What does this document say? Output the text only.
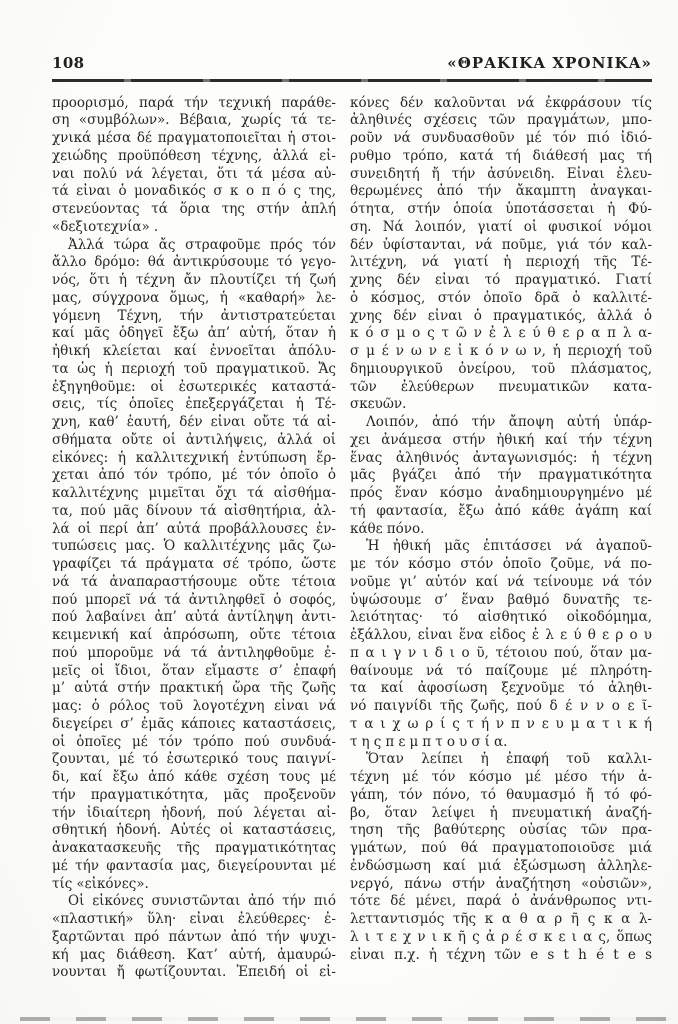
108	«ΘΡΑΚΙΚΑ ΧΡΟΝΙΚΑ»
προορισμό, παρά τήν τεχνική παράθε-
ση «συμβόλων». Βέβαια, χωρίς τά τε-
χνικά μέσα δέ πραγματοποιεῖται ἡ στοι-
χειώδης προϋπόθεση τέχνης, ἀλλά εἶ-
ναι πολύ νά λέγεται, ὅτι τά μέσα αὐ-
τά εἶναι ὁ μοναδικός σ κ ο π ό ς της,
στενεύοντας τά ὅρια της στήν ἁπλή
«δεξιοτεχνία» .
Ἀλλά τώρα ἄς στραφοῦμε πρός τόν
ἄλλο δρόμο: θά ἀντικρύσουμε τό γεγο-
νός, ὅτι ἡ τέχνη ἄν πλουτίζει τή ζωή
μας, σύγχρονα ὅμως, ἡ «καθαρή» λε-
γόμενη Τέχνη, τήν ἀντιστρατεύεται
καί μᾶς ὁδηγεῖ ἔξω ἀπ’ αὐτή, ὅταν ἡ
ἠθική κλείεται καί ἐννοεῖται ἀπόλυ-
τα ὡς ἡ περιοχή τοῦ πραγματικοῦ. Ἄς
ἐξηγηθοῦμε: οἱ ἐσωτερικές καταστά-
σεις, τίς ὁποῖες ἐπεξεργάζεται ἡ Τέ-
χνη, καθ’ ἑαυτή, δέν εἶναι οὔτε τά αἰ-
σθήματα οὔτε οἱ ἀντιλήψεις, ἀλλά οἱ
εἰκόνες: ἡ καλλιτεχνική ἐντύπωση ἔρ-
χεται ἀπό τόν τρόπο, μέ τόν ὁποῖο ὁ
καλλιτέχνης μιμεῖται ὄχι τά αἰσθήμα-
τα, πού μᾶς δίνουν τά αἰσθητήρια, ἀλ-
λά οἱ περί ἀπ’ αὐτά προβάλλουσες ἐν-
τυπώσεις μας. Ὁ καλλιτέχνης μᾶς ζω-
γραφίζει τά πράγματα σέ τρόπο, ὥστε
νά τά ἀναπαραστήσουμε οὔτε τέτοια
πού μπορεῖ νά τά ἀντιληφθεῖ ὁ σοφός,
πού λαβαίνει ἀπ’ αὐτά ἀντίληψη ἀντι-
κειμενική καί ἀπρόσωπη, οὔτε τέτοια
πού μποροῦμε νά τά ἀντιληφθοῦμε ἐ-
μεῖς οἱ ἴδιοι, ὅταν εἴμαστε σ’ ἐπαφή
μ’ αὐτά στήν πρακτική ὥρα τῆς ζωῆς
μας: ὁ ρόλος τοῦ λογοτέχνη εἶναι νά
διεγείρει σ’ ἐμᾶς κάποιες καταστάσεις,
οἱ ὁποῖες μέ τόν τρόπο πού συνδυά-
ζουνται, μέ τό ἐσωτερικό τους παιγνί-
δι, καί ἔξω ἀπό κάθε σχέση τους μέ
τήν πραγματικότητα, μᾶς προξενοῦν
τήν ἰδιαίτερη ἡδονή, πού λέγεται αἰ-
σθητική ἡδονή. Αὐτές οἱ καταστάσεις,
ἀνακατασκευῆς τῆς πραγματικότητας
μέ τήν φαντασία μας, διεγείρουνται μέ
τίς «εἰκόνες».
Οἱ εἰκόνες συνιστῶνται ἀπό τήν πιό
«πλαστική» ὕλη· εἶναι ἐλεύθερες· ἐ-
ξαρτῶνται πρό πάντων ἀπό τήν ψυχι-
κή μας διάθεση. Κατ’ αὐτή, ἀμαυρώ-
νουνται ἤ φωτίζουνται. Ἐπειδή οἱ εἰ-
κόνες δέν καλοῦνται νά ἐκφράσουν τίς
ἀληθινές σχέσεις τῶν πραγμάτων, μπο-
ροῦν νά συνδυασθοῦν μέ τόν πιό ἰδιό-
ρυθμο τρόπο, κατά τή διάθεσή μας τή
συνειδητή ἤ τήν ἀσύνειδη. Εἶναι ἐλευ-
θερωμένες ἀπό τήν ἄκαμπτη ἀναγκαι-
ότητα, στήν ὁποία ὑποτάσσεται ἡ Φύ-
ση. Νά λοιπόν, γιατί οἱ φυσικοί νόμοι
δέν ὑφίστανται, νά ποῦμε, γιά τόν καλ-
λιτέχνη, νά γιατί ἡ περιοχή τῆς Τέ-
χνης δέν εἶναι τό πραγματικό. Γιατί
ὁ κόσμος, στόν ὁποῖο δρᾶ ὁ καλλιτέ-
χνης δέν εἶναι ὁ πραγματικός, ἀλλά ὁ
κ ό σ μ ο ς τ ῶ ν ἐ λ ε ύ θ ε ρ α π λ α-
σ μ έ ν ω ν ε ἰ κ ό ν ω ν, ἡ περιοχή τοῦ
δημιουργικοῦ ὀνείρου, τοῦ πλάσματος,
τῶν ἐλεύθερων πνευματικῶν κατα-
σκευῶν.
Λοιπόν, ἀπό τήν ἄποψη αὐτή ὑπάρ-
χει ἀνάμεσα στήν ἠθική καί τήν τέχνη
ἕνας ἀληθινός ἀνταγωνισμός: ἡ τέχνη
μᾶς βγάζει ἀπό τήν πραγματικότητα
πρός ἕναν κόσμο ἀναδημιουργημένο μέ
τή φαντασία, ἔξω ἀπό κάθε ἀγάπη καί
κάθε πόνο.
Ἡ ἠθική μᾶς ἐπιτάσσει νά ἀγαποῦ-
με τόν κόσμο στόν ὁποῖο ζοῦμε, νά πο-
νοῦμε γι’ αὐτόν καί νά τείνουμε νά τόν
ὑψώσουμε σ’ ἕναν βαθμό δυνατῆς τε-
λειότητας· τό αἰσθητικό οἰκοδόμημα,
ἐξάλλου, εἶναι ἕνα εἶδος ἐ λ ε ύ θ ε ρ ο υ
π α ι γ ν ι δ ι ο ῦ, τέτοιου πού, ὅταν μα-
θαίνουμε νά τό παίζουμε μέ πληρότη-
τα καί ἀφοσίωση ξεχνοῦμε τό ἀληθι-
νό παιγνίδι τῆς ζωῆς, πού δ έ ν ν ο ε ῖ-
τ α ι χ ω ρ ί ς τ ή ν π ν ε υ μ α τ ι κ ή
τ η ς π ε μ π τ ο υ σ ί α.
Ὅταν λείπει ἡ ἐπαφή τοῦ καλλι-
τέχνη μέ τόν κόσμο μέ μέσο τήν ἀ-
γάπη, τόν πόνο, τό θαυμασμό ἤ τό φό-
βο, ὅταν λείψει ἡ πνευματική ἀναζή-
τηση τῆς βαθύτερης οὐσίας τῶν πρα-
γμάτων, πού θά πραγματοποιοῦσε μιά
ἐνδώσμωση καί μιά ἐξώσμωση ἀλληλε-
νεργό, πάνω στήν ἀναζήτηση «οὐσιῶν»,
τότε δέ μένει, παρά ὁ ἀνάνθρωπος ντι-
λετταντισμός τῆς κ α θ α ρ ῆ ς κ α λ-
λ ι τ ε χ ν ι κ ῆ ς ἀ ρ έ σ κ ε ι α ς, ὅπως
εἶναι π.χ. ἡ τέχνη τῶν e s t h é t e s
